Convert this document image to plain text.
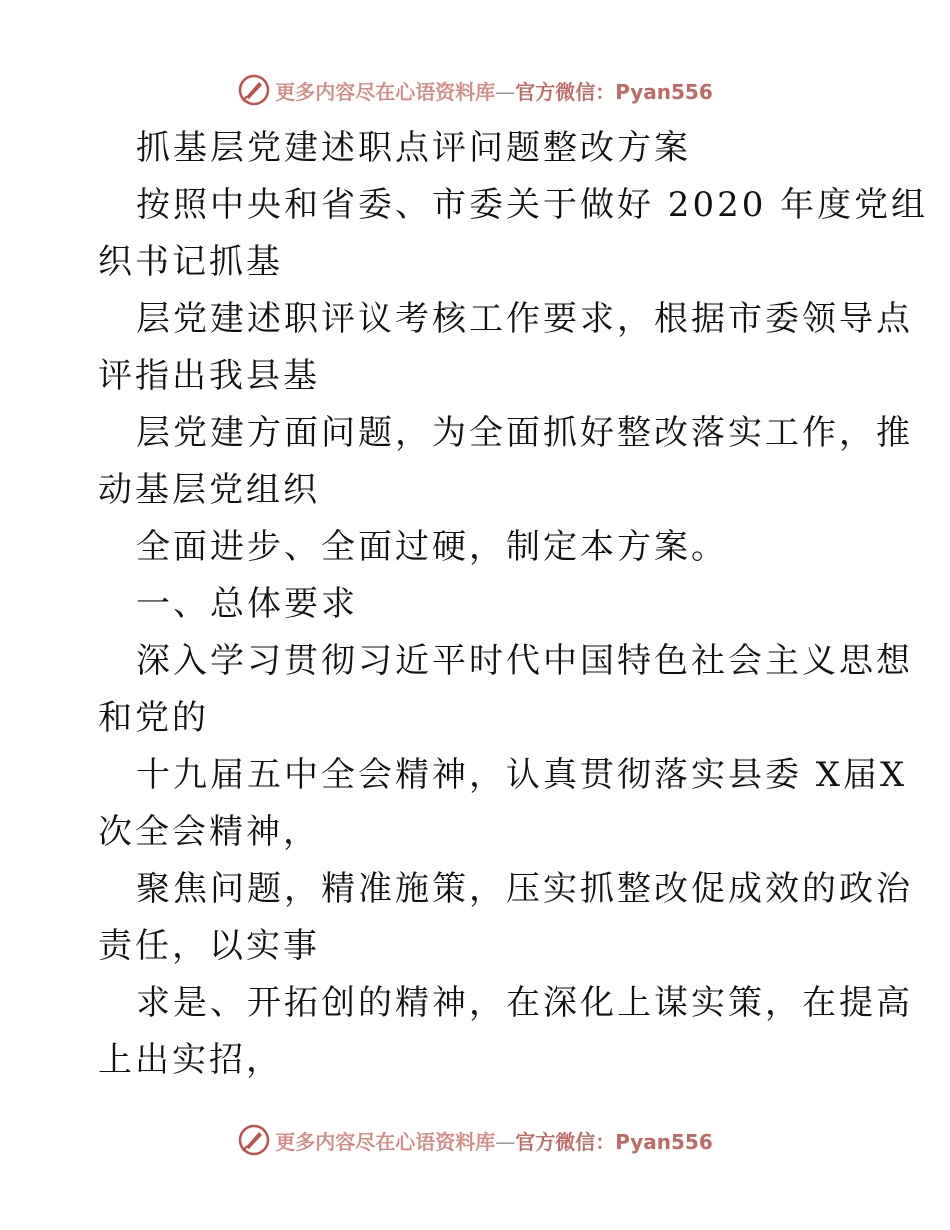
更多内容尽在心语资料库—官方微信：Pyan556
抓基层党建述职点评问题整改方案
按照中央和省委、市委关于做好 2020 年度党组
织书记抓基
层党建述职评议考核工作要求，根据市委领导点
评指出我县基
层党建方面问题，为全面抓好整改落实工作，推
动基层党组织
全面进步、全面过硬，制定本方案。
一、总体要求
深入学习贯彻习近平时代中国特色社会主义思想
和党的
十九届五中全会精神，认真贯彻落实县委 X届X
次全会精神，
聚焦问题，精准施策，压实抓整改促成效的政治
责任，以实事
求是、开拓创的精神，在深化上谋实策，在提高
上出实招，
更多内容尽在心语资料库—官方微信：Pyan556
